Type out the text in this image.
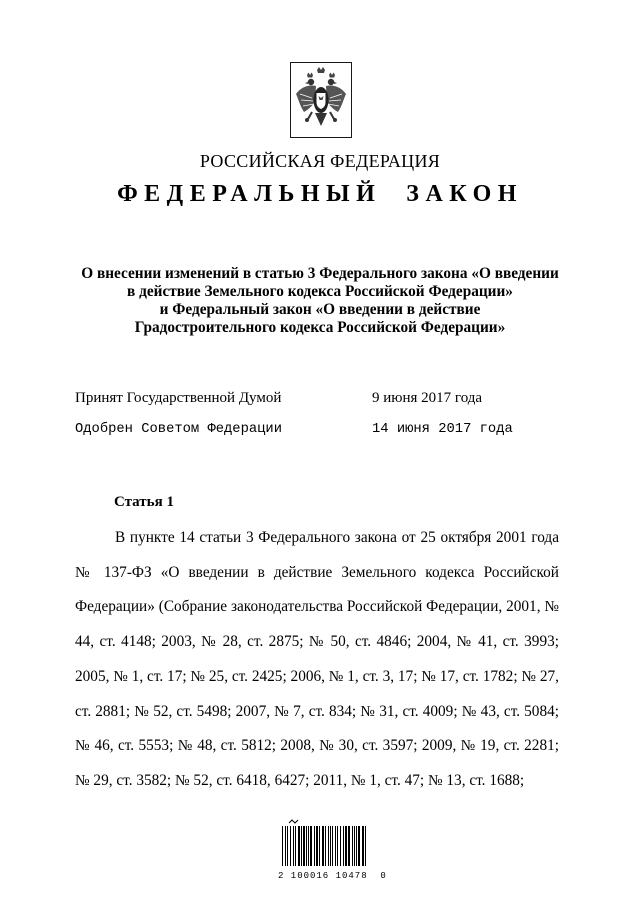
РОССИЙСКАЯ ФЕДЕРАЦИЯ
ФЕДЕРАЛЬНЫЙ  ЗАКОН
О внесении изменений в статью 3 Федерального закона «О введении
в действие Земельного кодекса Российской Федерации»
и Федеральный закон «О введении в действие
Градостроительного кодекса Российской Федерации»
Принят Государственной Думой	9 июня 2017 года
Одобрен Советом Федерации	14 июня 2017 года
Статья 1
В пункте 14 статьи 3 Федерального закона от 25 октября 2001 года № 137-ФЗ «О введении в действие Земельного кодекса Российской Федерации» (Собрание законодательства Российской Федерации, 2001, № 44, ст. 4148; 2003, № 28, ст. 2875; № 50, ст. 4846; 2004, № 41, ст. 3993; 2005, № 1, ст. 17; № 25, ст. 2425; 2006, № 1, ст. 3, 17; № 17, ст. 1782; № 27, ст. 2881; № 52, ст. 5498; 2007, № 7, ст. 834; № 31, ст. 4009; № 43, ст. 5084; № 46, ст. 5553; № 48, ст. 5812; 2008, № 30, ст. 3597; 2009, № 19, ст. 2281; № 29, ст. 3582; № 52, ст. 6418, 6427; 2011, № 1, ст. 47; № 13, ст. 1688;
2 100016 10478  0
